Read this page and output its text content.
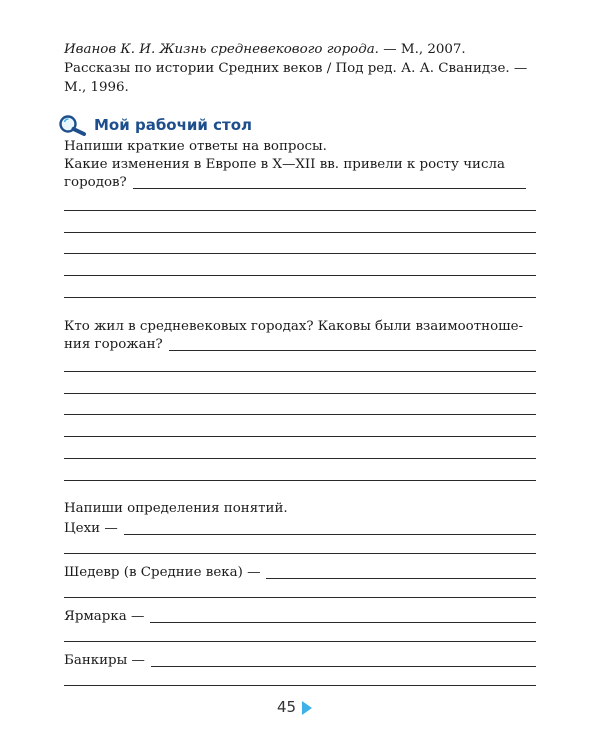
Иванов К. И. Жизнь средневекового города. — М., 2007.

Рассказы по истории Средних веков / Под ред. А. А. Сванидзе. — М., 1996.

Мой рабочий стол
Напиши краткие ответы на вопросы.
Какие изменения в Европе в X—XII вв. привели к росту числа
городов?
Кто жил в средневековых городах? Каковы были взаимоотноше-
ния горожан?
Напиши определения понятий.
Цехи —
Шедевр (в Средние века) —
Ярмарка —
Банкиры —
45
